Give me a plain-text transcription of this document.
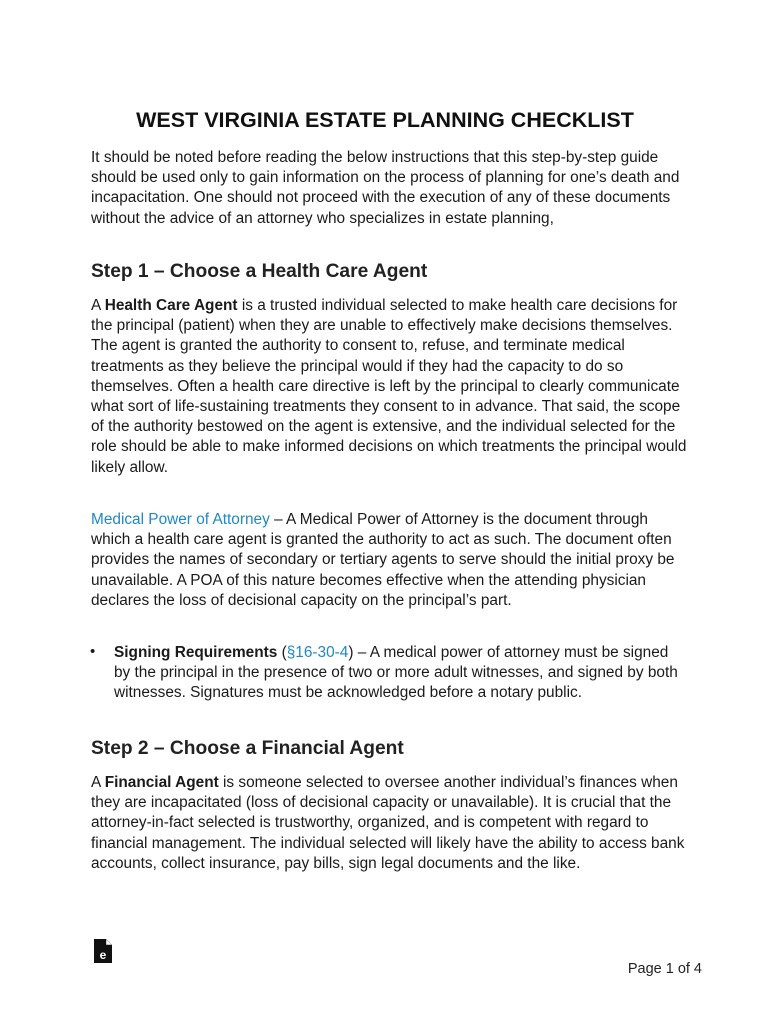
WEST VIRGINIA ESTATE PLANNING CHECKLIST

It should be noted before reading the below instructions that this step-by-step guide should be used only to gain information on the process of planning for one’s death and incapacitation. One should not proceed with the execution of any of these documents without the advice of an attorney who specializes in estate planning,

Step 1 – Choose a Health Care Agent

A Health Care Agent is a trusted individual selected to make health care decisions for the principal (patient) when they are unable to effectively make decisions themselves. The agent is granted the authority to consent to, refuse, and terminate medical treatments as they believe the principal would if they had the capacity to do so themselves. Often a health care directive is left by the principal to clearly communicate what sort of life-sustaining treatments they consent to in advance. That said, the scope of the authority bestowed on the agent is extensive, and the individual selected for the role should be able to make informed decisions on which treatments the principal would likely allow.

Medical Power of Attorney – A Medical Power of Attorney is the document through which a health care agent is granted the authority to act as such. The document often provides the names of secondary or tertiary agents to serve should the initial proxy be unavailable. A POA of this nature becomes effective when the attending physician declares the loss of decisional capacity on the principal’s part.

• Signing Requirements (§16-30-4) – A medical power of attorney must be signed by the principal in the presence of two or more adult witnesses, and signed by both witnesses. Signatures must be acknowledged before a notary public.

Step 2 – Choose a Financial Agent

A Financial Agent is someone selected to oversee another individual’s finances when they are incapacitated (loss of decisional capacity or unavailable). It is crucial that the attorney-in-fact selected is trustworthy, organized, and is competent with regard to financial management. The individual selected will likely have the ability to access bank accounts, collect insurance, pay bills, sign legal documents and the like.

e
Page 1 of 4
